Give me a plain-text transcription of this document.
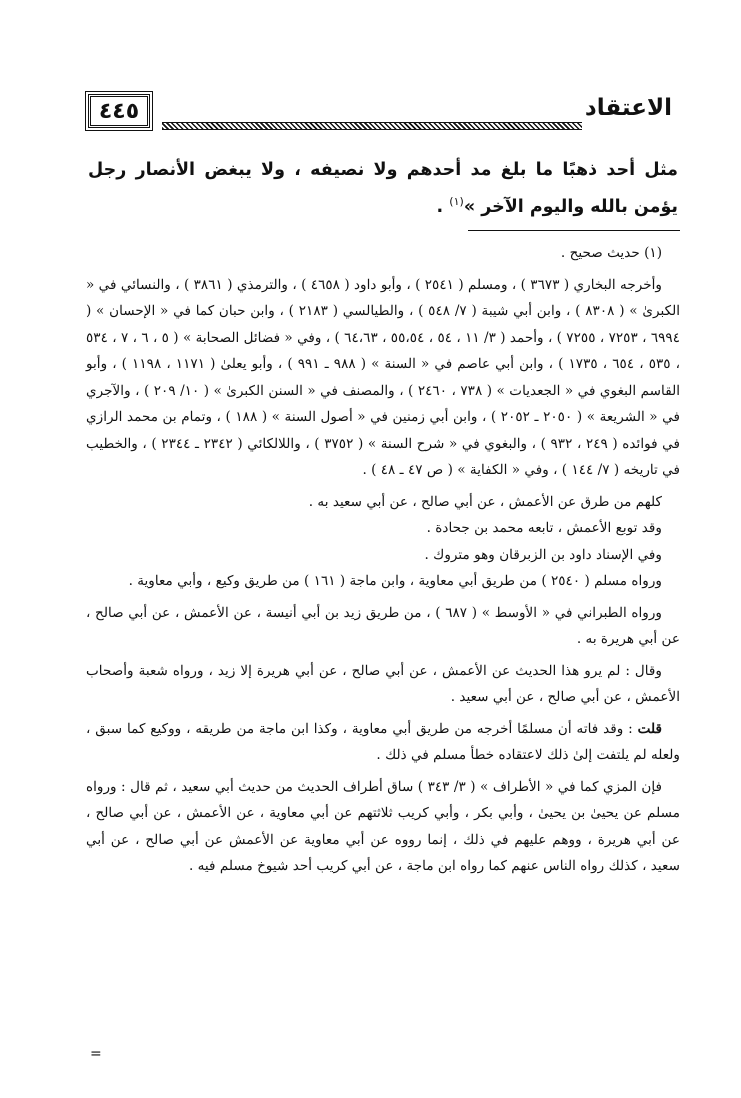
الاعتقاد
٤٤٥
مثل أحد ذهبًا ما بلغ مد أحدهم ولا نصيفه ، ولا يبغض الأنصار رجل يؤمن بالله واليوم الآخر »$^{(١)}$ .

(١) حديث صحيح .

وأخرجه البخاري ( ٣٦٧٣ ) ، ومسلم ( ٢٥٤١ ) ، وأبو داود ( ٤٦٥٨ ) ، والترمذي ( ٣٨٦١ ) ، والنسائي في « الكبرىٰ » ( ٨٣٠٨ ) ، وابن أبي شيبة ( ٧/ ٥٤٨ ) ، والطيالسي ( ٢١٨٣ ) ، وابن حبان كما في « الإحسان » ( ٦٩٩٤ ، ٧٢٥٣ ، ٧٢٥٥ ) ، وأحمد ( ٣/ ١١ ، ٥٤ ، ٥٥،٥٤ ، ٦٤،٦٣ ) ، وفي « فضائل الصحابة » ( ٥ ، ٦ ، ٧ ، ٥٣٤ ، ٥٣٥ ، ٦٥٤ ، ١٧٣٥ ) ، وابن أبي عاصم في « السنة » ( ٩٨٨ ـ ٩٩١ ) ، وأبو يعلىٰ ( ١١٧١ ، ١١٩٨ ) ، وأبو القاسم البغوي في « الجعديات » ( ٧٣٨ ، ٢٤٦٠ ) ، والمصنف في « السنن الكبرىٰ » ( ١٠/ ٢٠٩ ) ، والآجري في « الشريعة » ( ٢٠٥٠ ـ ٢٠٥٢ ) ، وابن أبي زمنين في « أصول السنة » ( ١٨٨ ) ، وتمام بن محمد الرازي في فوائده ( ٢٤٩ ، ٩٣٢ ) ، والبغوي في « شرح السنة » ( ٣٧٥٢ ) ، واللالكائي ( ٢٣٤٢ ـ ٢٣٤٤ ) ، والخطيب في تاريخه ( ٧/ ١٤٤ ) ، وفي « الكفاية » ( ص ٤٧ ـ ٤٨ ) .

كلهم من طرق عن الأعمش ، عن أبي صالح ، عن أبي سعيد به .

وقد توبع الأعمش ، تابعه محمد بن جحادة .

وفي الإسناد داود بن الزبرقان وهو متروك .

ورواه مسلم ( ٢٥٤٠ ) من طريق أبي معاوية ، وابن ماجة ( ١٦١ ) من طريق وكيع ، وأبي معاوية .

ورواه الطبراني في « الأوسط » ( ٦٨٧ ) ، من طريق زيد بن أبي أنيسة ، عن الأعمش ، عن أبي صالح ، عن أبي هريرة به .

وقال : لم يرو هذا الحديث عن الأعمش ، عن أبي صالح ، عن أبي هريرة إلا زيد ، ورواه شعبة وأصحاب الأعمش ، عن أبي صالح ، عن أبي سعيد .

قلت : وقد فاته أن مسلمًا أخرجه من طريق أبي معاوية ، وكذا ابن ماجة من طريقه ، ووكيع كما سبق ، ولعله لم يلتفت إلىٰ ذلك لاعتقاده خطأ مسلم في ذلك .

فإن المزي كما في « الأطراف » ( ٣/ ٣٤٣ ) ساق أطراف الحديث من حديث أبي سعيد ، ثم قال : ورواه مسلم عن يحيىٰ بن يحيىٰ ، وأبي بكر ، وأبي كريب ثلاثتهم عن أبي معاوية ، عن الأعمش ، عن أبي صالح ، عن أبي هريرة ، ووهم عليهم في ذلك ، إنما رووه عن أبي معاوية عن الأعمش عن أبي صالح ، عن أبي سعيد ، كذلك رواه الناس عنهم كما رواه ابن ماجة ، عن أبي كريب أحد شيوخ مسلم فيه .

=
